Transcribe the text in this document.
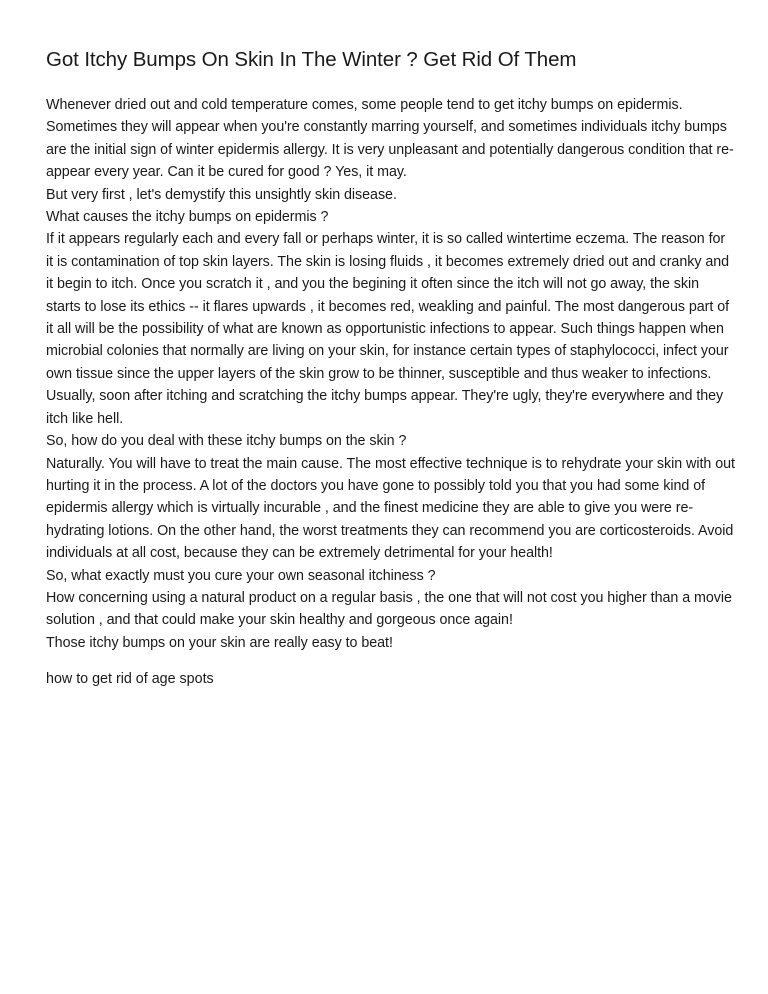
Got Itchy Bumps On Skin In The Winter ? Get Rid Of Them

Whenever dried out and cold temperature comes, some people tend to get itchy bumps on epidermis. Sometimes they will appear when you're constantly marring yourself, and sometimes individuals itchy bumps are the initial sign of winter epidermis allergy. It is very unpleasant and potentially dangerous condition that re-appear every year. Can it be cured for good ? Yes, it may.

But very first , let's demystify this unsightly skin disease.

What causes the itchy bumps on epidermis ?

If it appears regularly each and every fall or perhaps winter, it is so called wintertime eczema. The reason for it is contamination of top skin layers. The skin is losing fluids , it becomes extremely dried out and cranky and it begin to itch. Once you scratch it , and you the begining it often since the itch will not go away, the skin starts to lose its ethics -- it flares upwards , it becomes red, weakling and painful. The most dangerous part of it all will be the possibility of what are known as opportunistic infections to appear. Such things happen when microbial colonies that normally are living on your skin, for instance certain types of staphylococci, infect your own tissue since the upper layers of the skin grow to be thinner, susceptible and thus weaker to infections.

Usually, soon after itching and scratching the itchy bumps appear. They're ugly, they're everywhere and they itch like hell.

So, how do you deal with these itchy bumps on the skin ?

Naturally. You will have to treat the main cause. The most effective technique is to rehydrate your skin with out hurting it in the process. A lot of the doctors you have gone to possibly told you that you had some kind of epidermis allergy which is virtually incurable , and the finest medicine they are able to give you were re-hydrating lotions. On the other hand, the worst treatments they can recommend you are corticosteroids. Avoid individuals at all cost, because they can be extremely detrimental for your health!

So, what exactly must you cure your own seasonal itchiness ?

How concerning using a natural product on a regular basis , the one that will not cost you higher than a movie solution , and that could make your skin healthy and gorgeous once again!

Those itchy bumps on your skin are really easy to beat!

how to get rid of age spots
